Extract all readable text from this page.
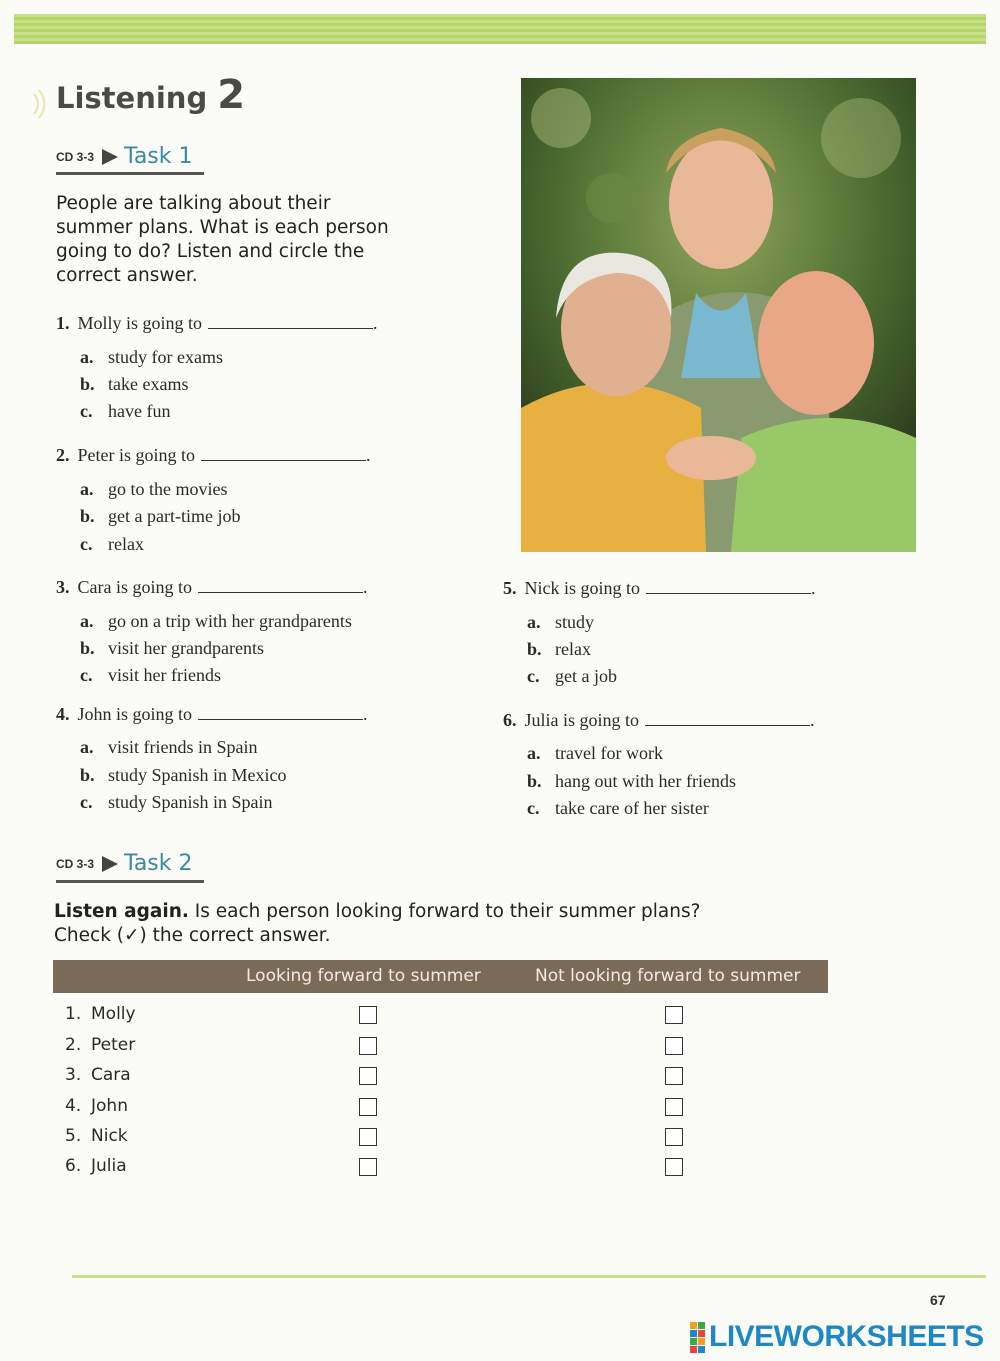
Listening 2
CD 3-3 Task 1
People are talking about their summer plans. What is each person going to do? Listen and circle the correct answer.
1. Molly is going to	.
a. study for exams
b. take exams
c. have fun
2. Peter is going to	.
a. go to the movies
b. get a part-time job
c. relax
3. Cara is going to	.
a. go on a trip with her grandparents
b. visit her grandparents
c. visit her friends
4. John is going to	.
a. visit friends in Spain
b. study Spanish in Mexico
c. study Spanish in Spain
5. Nick is going to	.
a. study
b. relax
c. get a job
6. Julia is going to	.
a. travel for work
b. hang out with her friends
c. take care of her sister
CD 3-3 Task 2
Listen again. Is each person looking forward to their summer plans?
Check (✓) the correct answer.
Looking forward to summer	Not looking forward to summer
1. Molly
2. Peter
3. Cara
4. John
5. Nick
6. Julia
67
LIVEWORKSHEETS
